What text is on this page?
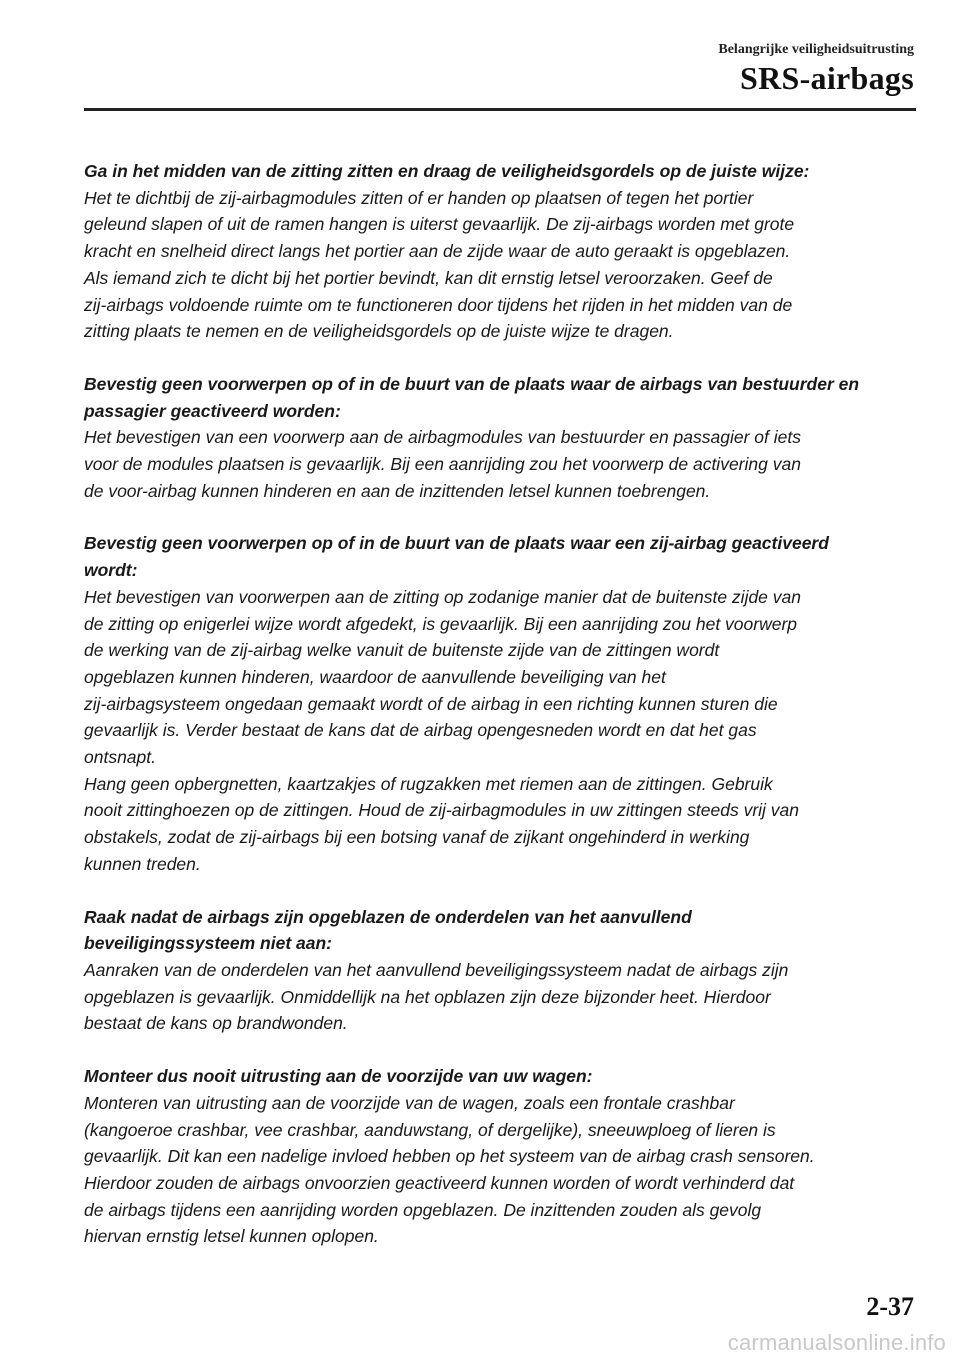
Belangrijke veiligheidsuitrusting
SRS-airbags

Ga in het midden van de zitting zitten en draag de veiligheidsgordels op de juiste wijze:

Het te dichtbij de zij-airbagmodules zitten of er handen op plaatsen of tegen het portier

geleund slapen of uit de ramen hangen is uiterst gevaarlijk. De zij-airbags worden met grote

kracht en snelheid direct langs het portier aan de zijde waar de auto geraakt is opgeblazen.

Als iemand zich te dicht bij het portier bevindt, kan dit ernstig letsel veroorzaken. Geef de

zij-airbags voldoende ruimte om te functioneren door tijdens het rijden in het midden van de

zitting plaats te nemen en de veiligheidsgordels op de juiste wijze te dragen.

Bevestig geen voorwerpen op of in de buurt van de plaats waar de airbags van bestuurder en

passagier geactiveerd worden:

Het bevestigen van een voorwerp aan de airbagmodules van bestuurder en passagier of iets

voor de modules plaatsen is gevaarlijk. Bij een aanrijding zou het voorwerp de activering van

de voor-airbag kunnen hinderen en aan de inzittenden letsel kunnen toebrengen.

Bevestig geen voorwerpen op of in de buurt van de plaats waar een zij-airbag geactiveerd

wordt:

Het bevestigen van voorwerpen aan de zitting op zodanige manier dat de buitenste zijde van

de zitting op enigerlei wijze wordt afgedekt, is gevaarlijk. Bij een aanrijding zou het voorwerp

de werking van de zij-airbag welke vanuit de buitenste zijde van de zittingen wordt

opgeblazen kunnen hinderen, waardoor de aanvullende beveiliging van het

zij-airbagsysteem ongedaan gemaakt wordt of de airbag in een richting kunnen sturen die

gevaarlijk is. Verder bestaat de kans dat de airbag opengesneden wordt en dat het gas

ontsnapt.

Hang geen opbergnetten, kaartzakjes of rugzakken met riemen aan de zittingen. Gebruik

nooit zittinghoezen op de zittingen. Houd de zij-airbagmodules in uw zittingen steeds vrij van

obstakels, zodat de zij-airbags bij een botsing vanaf de zijkant ongehinderd in werking

kunnen treden.

Raak nadat de airbags zijn opgeblazen de onderdelen van het aanvullend

beveiligingssysteem niet aan:

Aanraken van de onderdelen van het aanvullend beveiligingssysteem nadat de airbags zijn

opgeblazen is gevaarlijk. Onmiddellijk na het opblazen zijn deze bijzonder heet. Hierdoor

bestaat de kans op brandwonden.

Monteer dus nooit uitrusting aan de voorzijde van uw wagen:

Monteren van uitrusting aan de voorzijde van de wagen, zoals een frontale crashbar

(kangoeroe crashbar, vee crashbar, aanduwstang, of dergelijke), sneeuwploeg of lieren is

gevaarlijk. Dit kan een nadelige invloed hebben op het systeem van de airbag crash sensoren.

Hierdoor zouden de airbags onvoorzien geactiveerd kunnen worden of wordt verhinderd dat

de airbags tijdens een aanrijding worden opgeblazen. De inzittenden zouden als gevolg

hiervan ernstig letsel kunnen oplopen.

2-37
carmanualsonline.info
